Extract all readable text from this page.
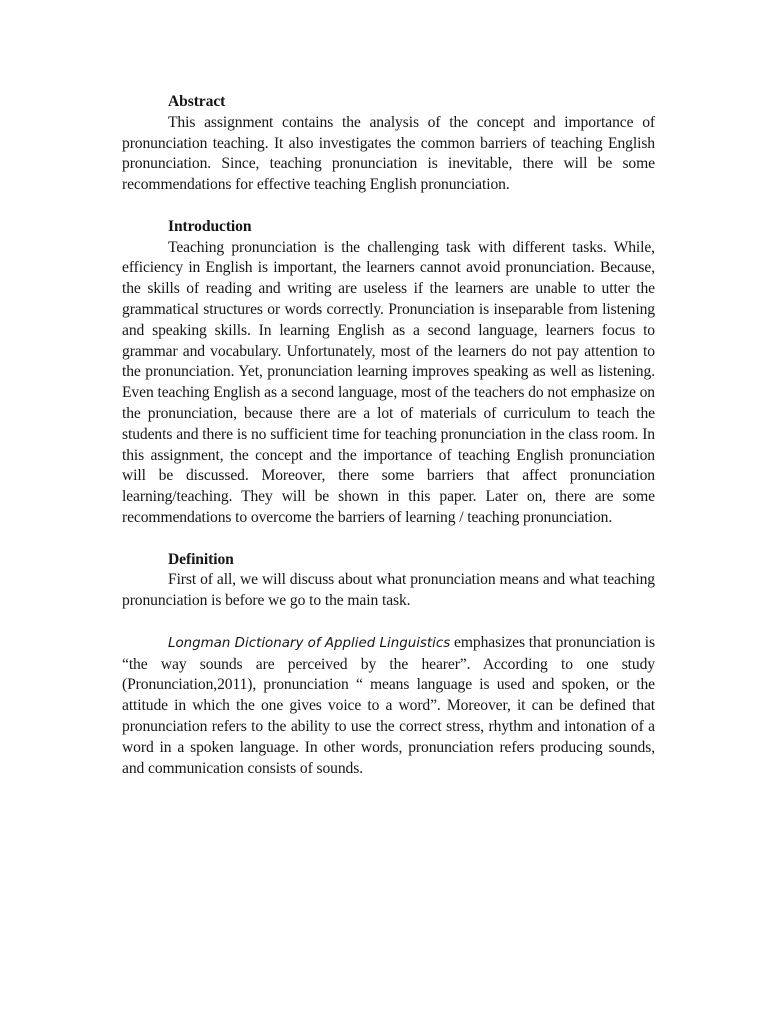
Abstract

This assignment contains the analysis of the concept and importance of pronunciation teaching. It also investigates the common barriers of teaching English pronunciation. Since, teaching pronunciation is inevitable, there will be some recommendations for effective teaching English pronunciation.

Introduction

Teaching pronunciation is the challenging task with different tasks. While, efficiency in English is important, the learners cannot avoid pronunciation. Because, the skills of reading and writing are useless if the learners are unable to utter the grammatical structures or words correctly. Pronunciation is inseparable from listening and speaking skills. In learning English as a second language, learners focus to grammar and vocabulary. Unfortunately, most of the learners do not pay attention to the pronunciation. Yet, pronunciation learning improves speaking as well as listening. Even teaching English as a second language, most of the teachers do not emphasize on the pronunciation, because there are a lot of materials of curriculum to teach the students and there is no sufficient time for teaching pronunciation in the class room. In this assignment, the concept and the importance of teaching English pronunciation will be discussed. Moreover, there some barriers that affect pronunciation learning/teaching. They will be shown in this paper. Later on, there are some recommendations to overcome the barriers of learning / teaching pronunciation.

Definition

First of all, we will discuss about what pronunciation means and what teaching pronunciation is before we go to the main task.

Longman Dictionary of Applied Linguistics emphasizes that pronunciation is “the way sounds are perceived by the hearer”. According to one study (Pronunciation,2011), pronunciation “ means language is used and spoken, or the attitude in which the one gives voice to a word”. Moreover, it can be defined that pronunciation refers to the ability to use the correct stress, rhythm and intonation of a word in a spoken language. In other words, pronunciation refers producing sounds, and communication consists of sounds.
